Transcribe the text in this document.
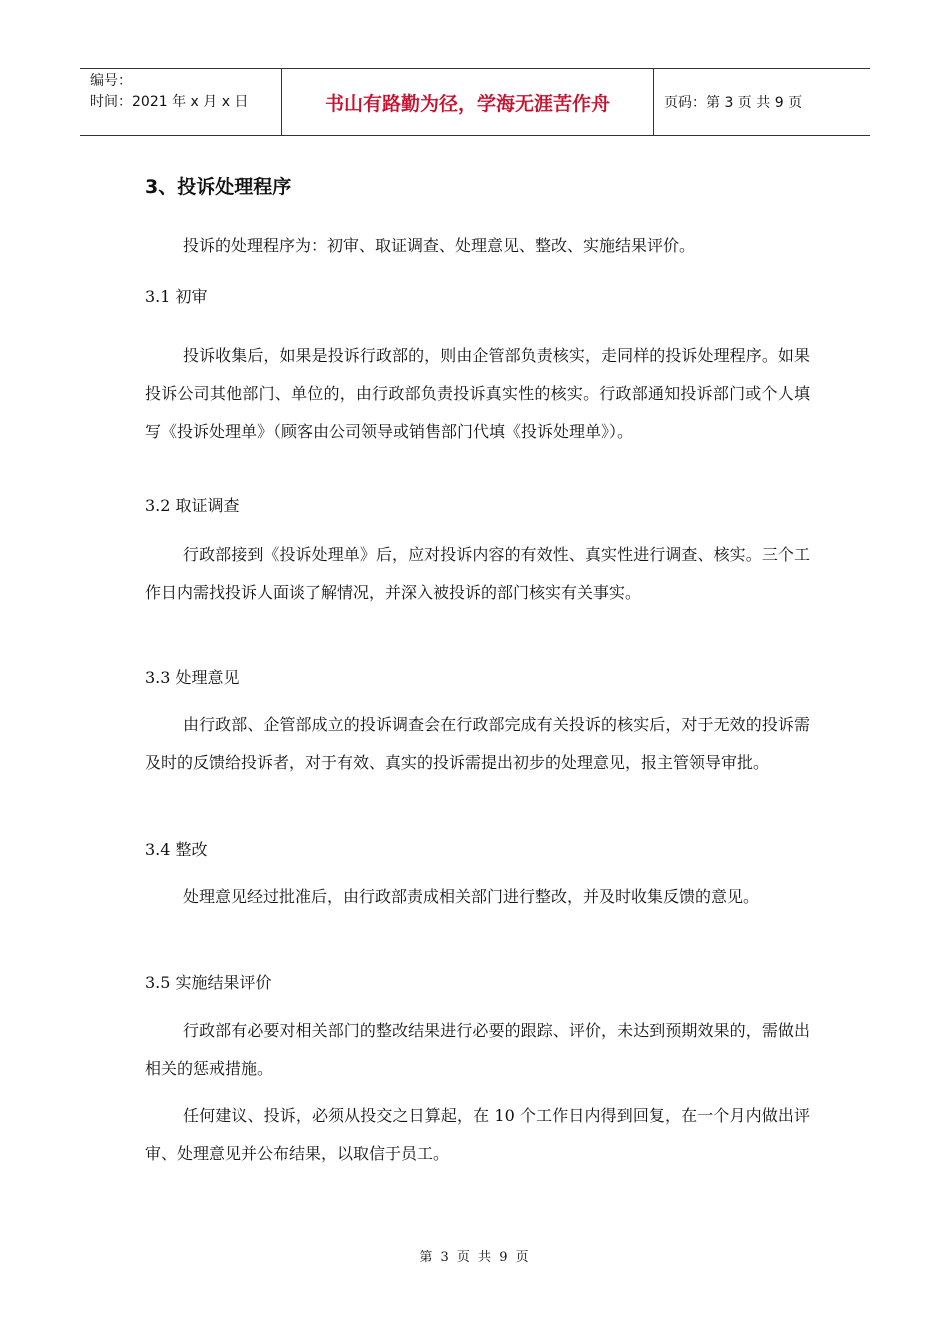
编号：
时间：2021 年 x 月 x 日	书山有路勤为径，学海无涯苦作舟	页码：第 3 页 共 9 页
3、投诉处理程序
投诉的处理程序为：初审、取证调查、处理意见、整改、实施结果评价。
3.1 初审
投诉收集后，如果是投诉行政部的，则由企管部负责核实，走同样的投诉处理程序。如果投诉公司其他部门、单位的，由行政部负责投诉真实性的核实。行政部通知投诉部门或个人填写《投诉处理单》（顾客由公司领导或销售部门代填《投诉处理单》）。
3.2 取证调查
行政部接到《投诉处理单》后，应对投诉内容的有效性、真实性进行调查、核实。三个工作日内需找投诉人面谈了解情况，并深入被投诉的部门核实有关事实。
3.3 处理意见
由行政部、企管部成立的投诉调查会在行政部完成有关投诉的核实后，对于无效的投诉需及时的反馈给投诉者，对于有效、真实的投诉需提出初步的处理意见，报主管领导审批。
3.4 整改
处理意见经过批准后，由行政部责成相关部门进行整改，并及时收集反馈的意见。
3.5 实施结果评价
行政部有必要对相关部门的整改结果进行必要的跟踪、评价，未达到预期效果的，需做出相关的惩戒措施。
任何建议、投诉，必须从投交之日算起，在 10 个工作日内得到回复，在一个月内做出评审、处理意见并公布结果，以取信于员工。
第 3 页 共 9 页
